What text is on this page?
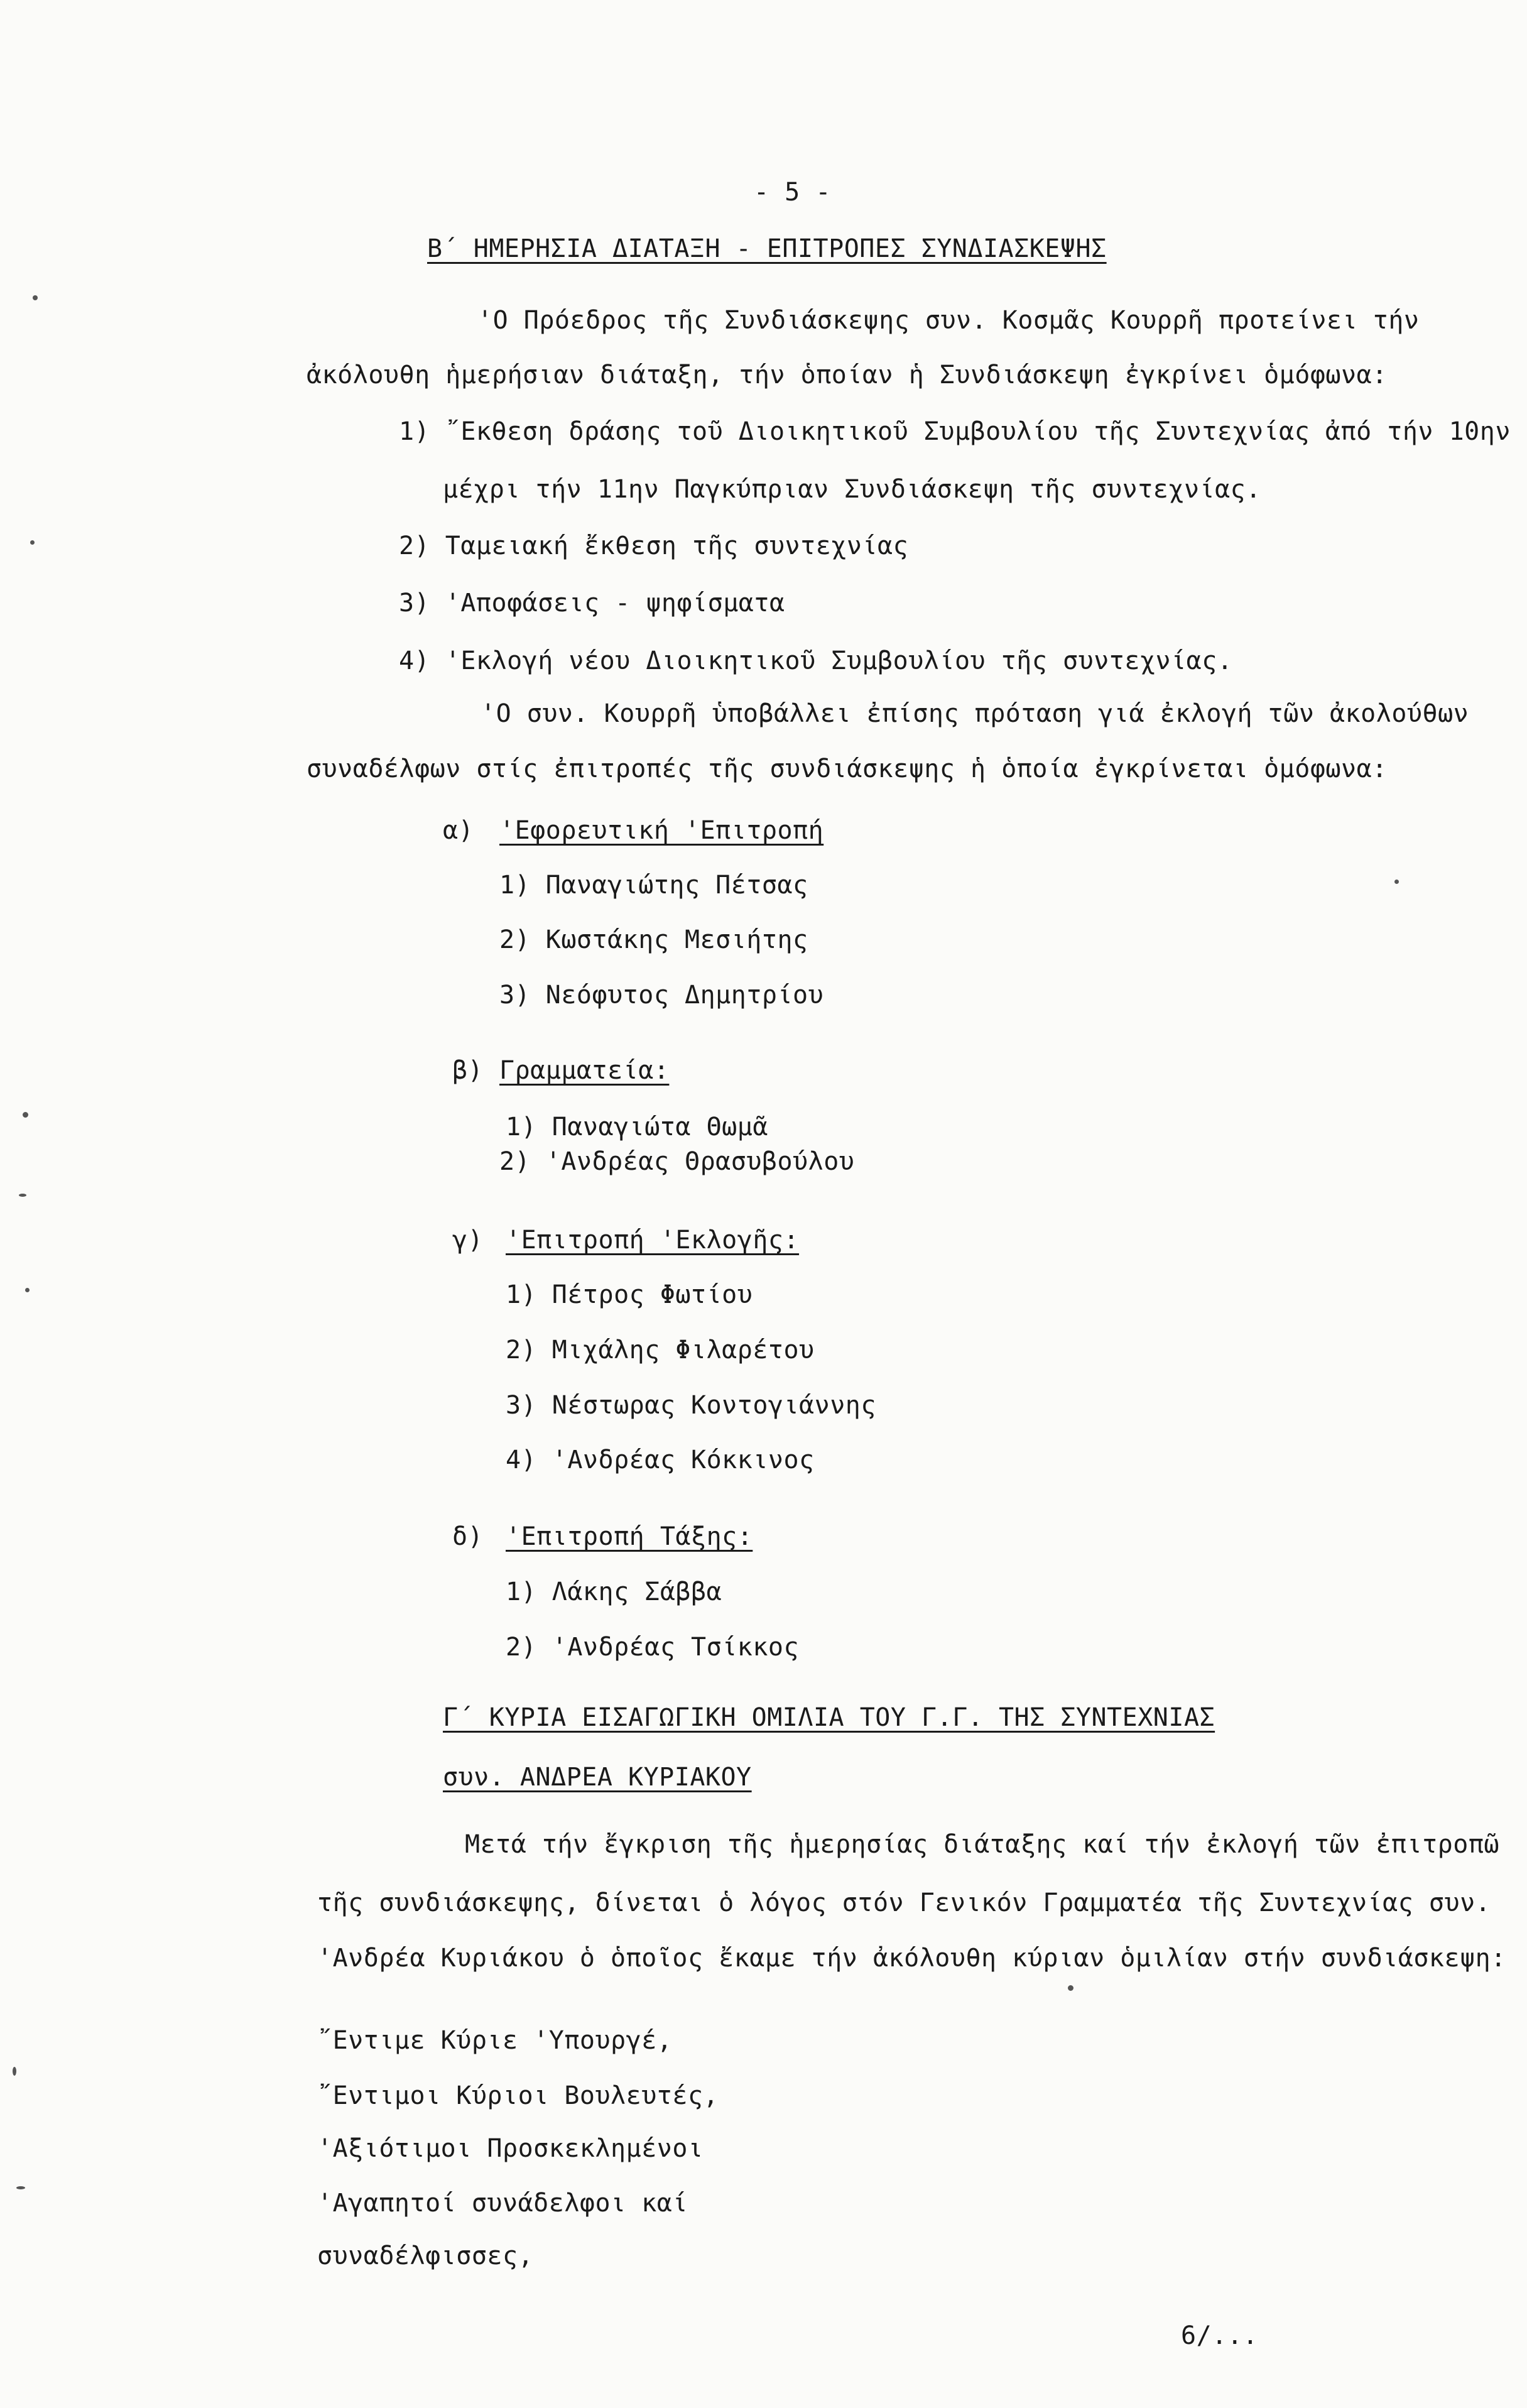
- 5 -
Β΄ ΗΜΕΡΗΣΙΑ ΔΙΑΤΑΞΗ - ΕΠΙΤΡΟΠΕΣ ΣΥΝΔΙΑΣΚΕΨΗΣ
'Ο Πρόεδρος τῆς Συνδιάσκεψης συν. Κοσμᾶς Κουρρῆ προτείνει τήν
ἀκόλουθη ἡμερήσιαν διάταξη, τήν ὁποίαν ἡ Συνδιάσκεψη ἐγκρίνει ὁμόφωνα:
1) ῎Εκθεση δράσης τοῦ Διοικητικοῦ Συμβουλίου τῆς Συντεχνίας ἀπό τήν 10ην
μέχρι τήν 11ην Παγκύπριαν Συνδιάσκεψη τῆς συντεχνίας.
2) Ταμειακή ἔκθεση τῆς συντεχνίας
3) 'Αποφάσεις - ψηφίσματα
4) 'Εκλογή νέου Διοικητικοῦ Συμβουλίου τῆς συντεχνίας.
'Ο συν. Κουρρῆ ὑποβάλλει ἐπίσης πρόταση γιά ἐκλογή τῶν ἀκολούθων
συναδέλφων στίς ἐπιτροπές τῆς συνδιάσκεψης ἡ ὁποία ἐγκρίνεται ὁμόφωνα:
α) 'Εφορευτική 'Επιτροπή
1) Παναγιώτης Πέτσας
2) Κωστάκης Μεσιήτης
3) Νεόφυτος Δημητρίου
β) Γραμματεία:
1) Παναγιώτα Θωμᾶ
2) 'Ανδρέας Θρασυβούλου
γ) 'Επιτροπή 'Εκλογῆς:
1) Πέτρος Φωτίου
2) Μιχάλης Φιλαρέτου
3) Νέστωρας Κοντογιάννης
4) 'Ανδρέας Κόκκινος
δ) 'Επιτροπή Τάξης:
1) Λάκης Σάββα
2) 'Ανδρέας Τσίκκος
Γ΄ ΚΥΡΙΑ ΕΙΣΑΓΩΓΙΚΗ ΟΜΙΛΙΑ ΤΟΥ Γ.Γ. ΤΗΣ ΣΥΝΤΕΧΝΙΑΣ
συν. ΑΝΔΡΕΑ ΚΥΡΙΑΚΟΥ
Μετά τήν ἔγκριση τῆς ἡμερησίας διάταξης καί τήν ἐκλογή τῶν ἐπιτροπῶ
τῆς συνδιάσκεψης, δίνεται ὁ λόγος στόν Γενικόν Γραμματέα τῆς Συντεχνίας συν.
'Ανδρέα Κυριάκου ὁ ὁποῖος ἔκαμε τήν ἀκόλουθη κύριαν ὁμιλίαν στήν συνδιάσκεψη:
῎Εντιμε Κύριε 'Υπουργέ,
῎Εντιμοι Κύριοι Βουλευτές,
'Αξιότιμοι Προσκεκλημένοι
'Αγαπητοί συνάδελφοι καί
συναδέλφισσες,
6/...
